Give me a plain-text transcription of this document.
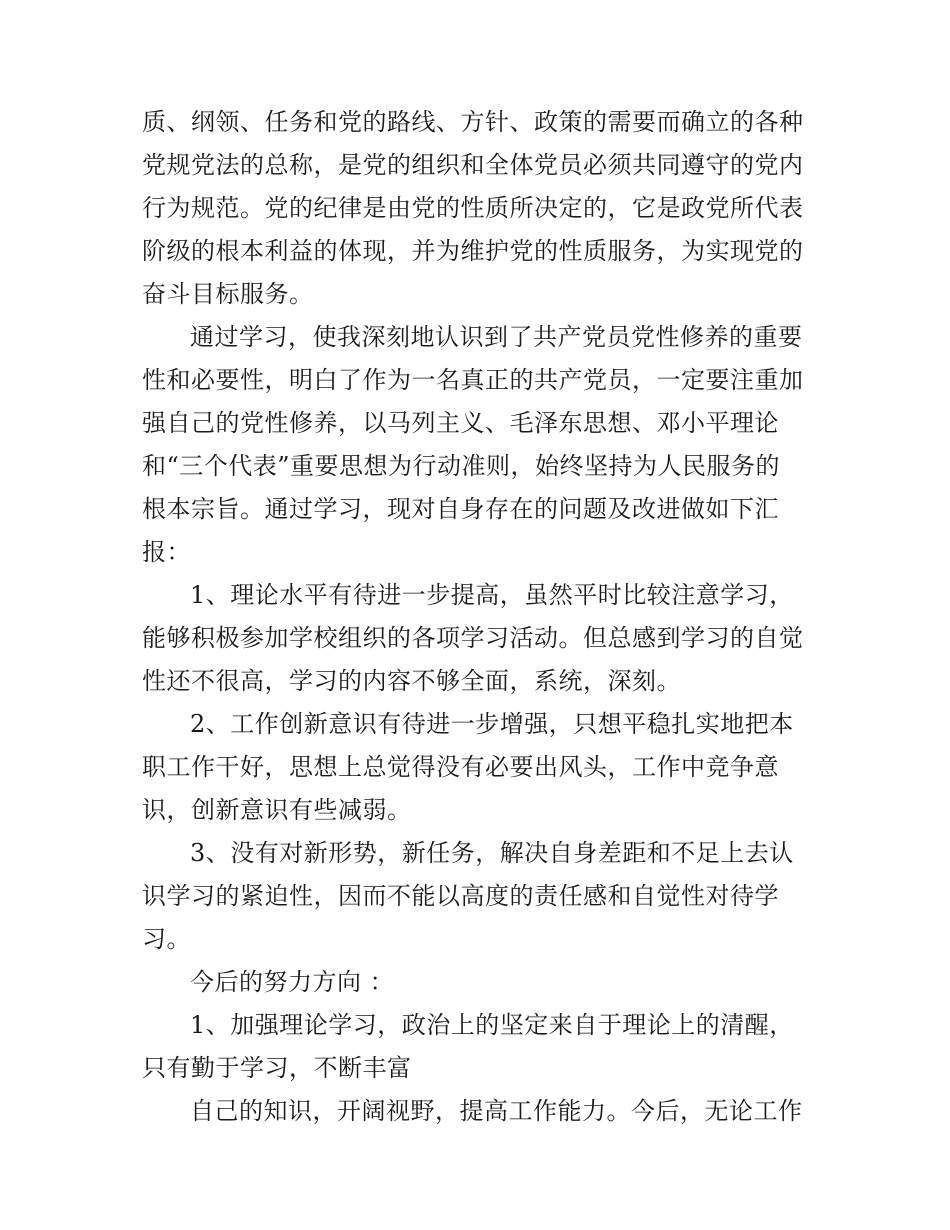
质、纲领、任务和党的路线、方针、政策的需要而确立的各种
党规党法的总称，是党的组织和全体党员必须共同遵守的党内
行为规范。党的纪律是由党的性质所决定的，它是政党所代表
阶级的根本利益的体现，并为维护党的性质服务，为实现党的
奋斗目标服务。
通过学习，使我深刻地认识到了共产党员党性修养的重要
性和必要性，明白了作为一名真正的共产党员，一定要注重加
强自己的党性修养，以马列主义、毛泽东思想、邓小平理论
和“三个代表”重要思想为行动准则，始终坚持为人民服务的
根本宗旨。通过学习，现对自身存在的问题及改进做如下汇
报：
1、理论水平有待进一步提高，虽然平时比较注意学习，
能够积极参加学校组织的各项学习活动。但总感到学习的自觉
性还不很高，学习的内容不够全面，系统，深刻。
2、工作创新意识有待进一步增强，只想平稳扎实地把本
职工作干好，思想上总觉得没有必要出风头，工作中竞争意
识，创新意识有些减弱。
3、没有对新形势，新任务，解决自身差距和不足上去认
识学习的紧迫性，因而不能以高度的责任感和自觉性对待学
习。
今后的努力方向 ：
1、加强理论学习，政治上的坚定来自于理论上的清醒，
只有勤于学习，不断丰富
自己的知识，开阔视野，提高工作能力。今后，无论工作
